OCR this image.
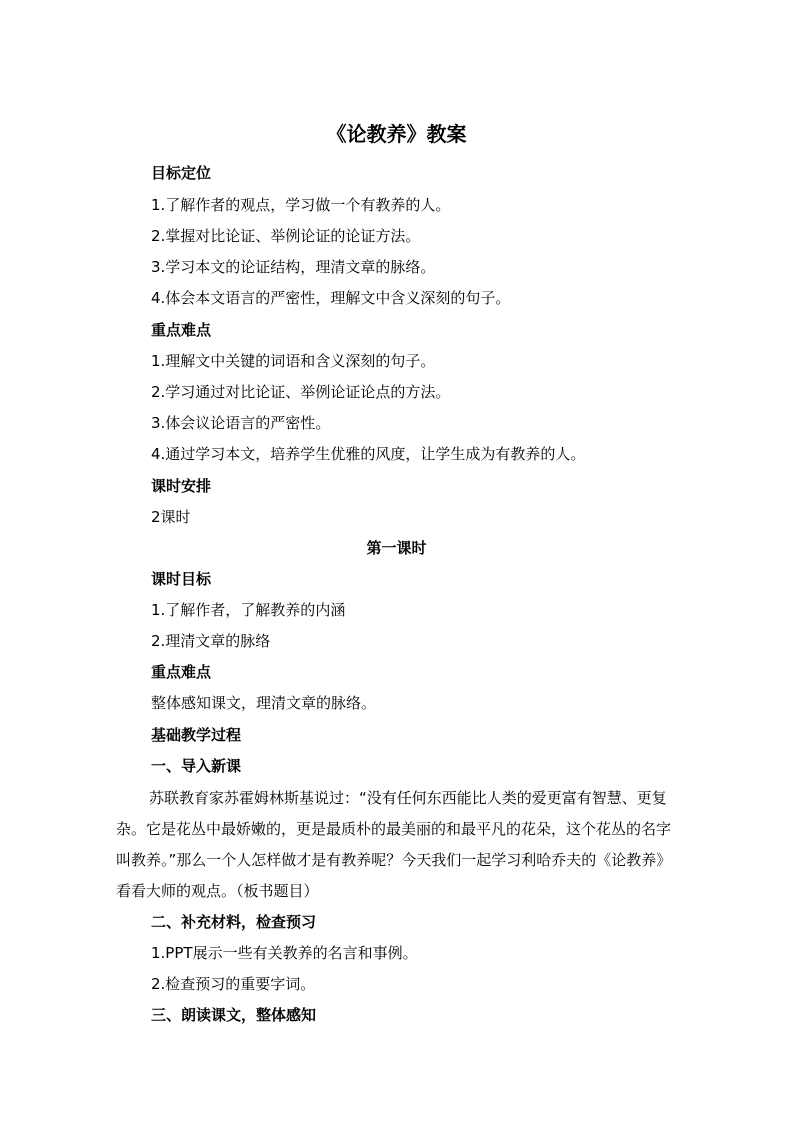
《论教养》教案
目标定位
1.了解作者的观点，学习做一个有教养的人。
2.掌握对比论证、举例论证的论证方法。
3.学习本文的论证结构，理清文章的脉络。
4.体会本文语言的严密性，理解文中含义深刻的句子。
重点难点
1.理解文中关键的词语和含义深刻的句子。
2.学习通过对比论证、举例论证论点的方法。
3.体会议论语言的严密性。
4.通过学习本文，培养学生优雅的风度，让学生成为有教养的人。
课时安排
2课时
第一课时
课时目标
1.了解作者，了解教养的内涵
2.理清文章的脉络
重点难点
整体感知课文，理清文章的脉络。
基础教学过程
一、导入新课
苏联教育家苏霍姆林斯基说过：“没有任何东西能比人类的爱更富有智慧、更复杂。它是花丛中最娇嫩的，更是最质朴的最美丽的和最平凡的花朵，这个花丛的名字叫教养。”那么一个人怎样做才是有教养呢？今天我们一起学习利哈乔夫的《论教养》看看大师的观点。（板书题目）
二、补充材料，检查预习
1.PPT展示一些有关教养的名言和事例。
2.检查预习的重要字词。
三、朗读课文，整体感知
